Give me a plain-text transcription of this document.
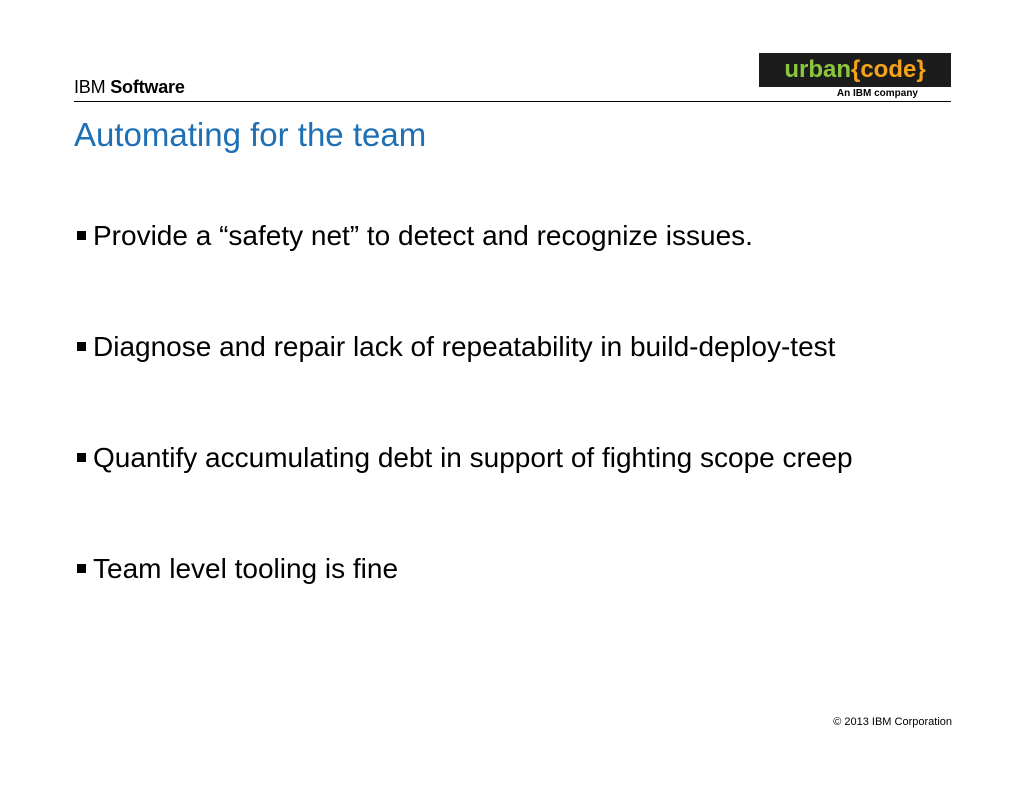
IBM Software
urban {code}
An IBM company
Automating for the team
Provide a “safety net” to detect and recognize issues.
Diagnose and repair lack of repeatability in build-deploy-test
Quantify accumulating debt in support of fighting scope creep
Team level tooling is fine
© 2013 IBM Corporation
